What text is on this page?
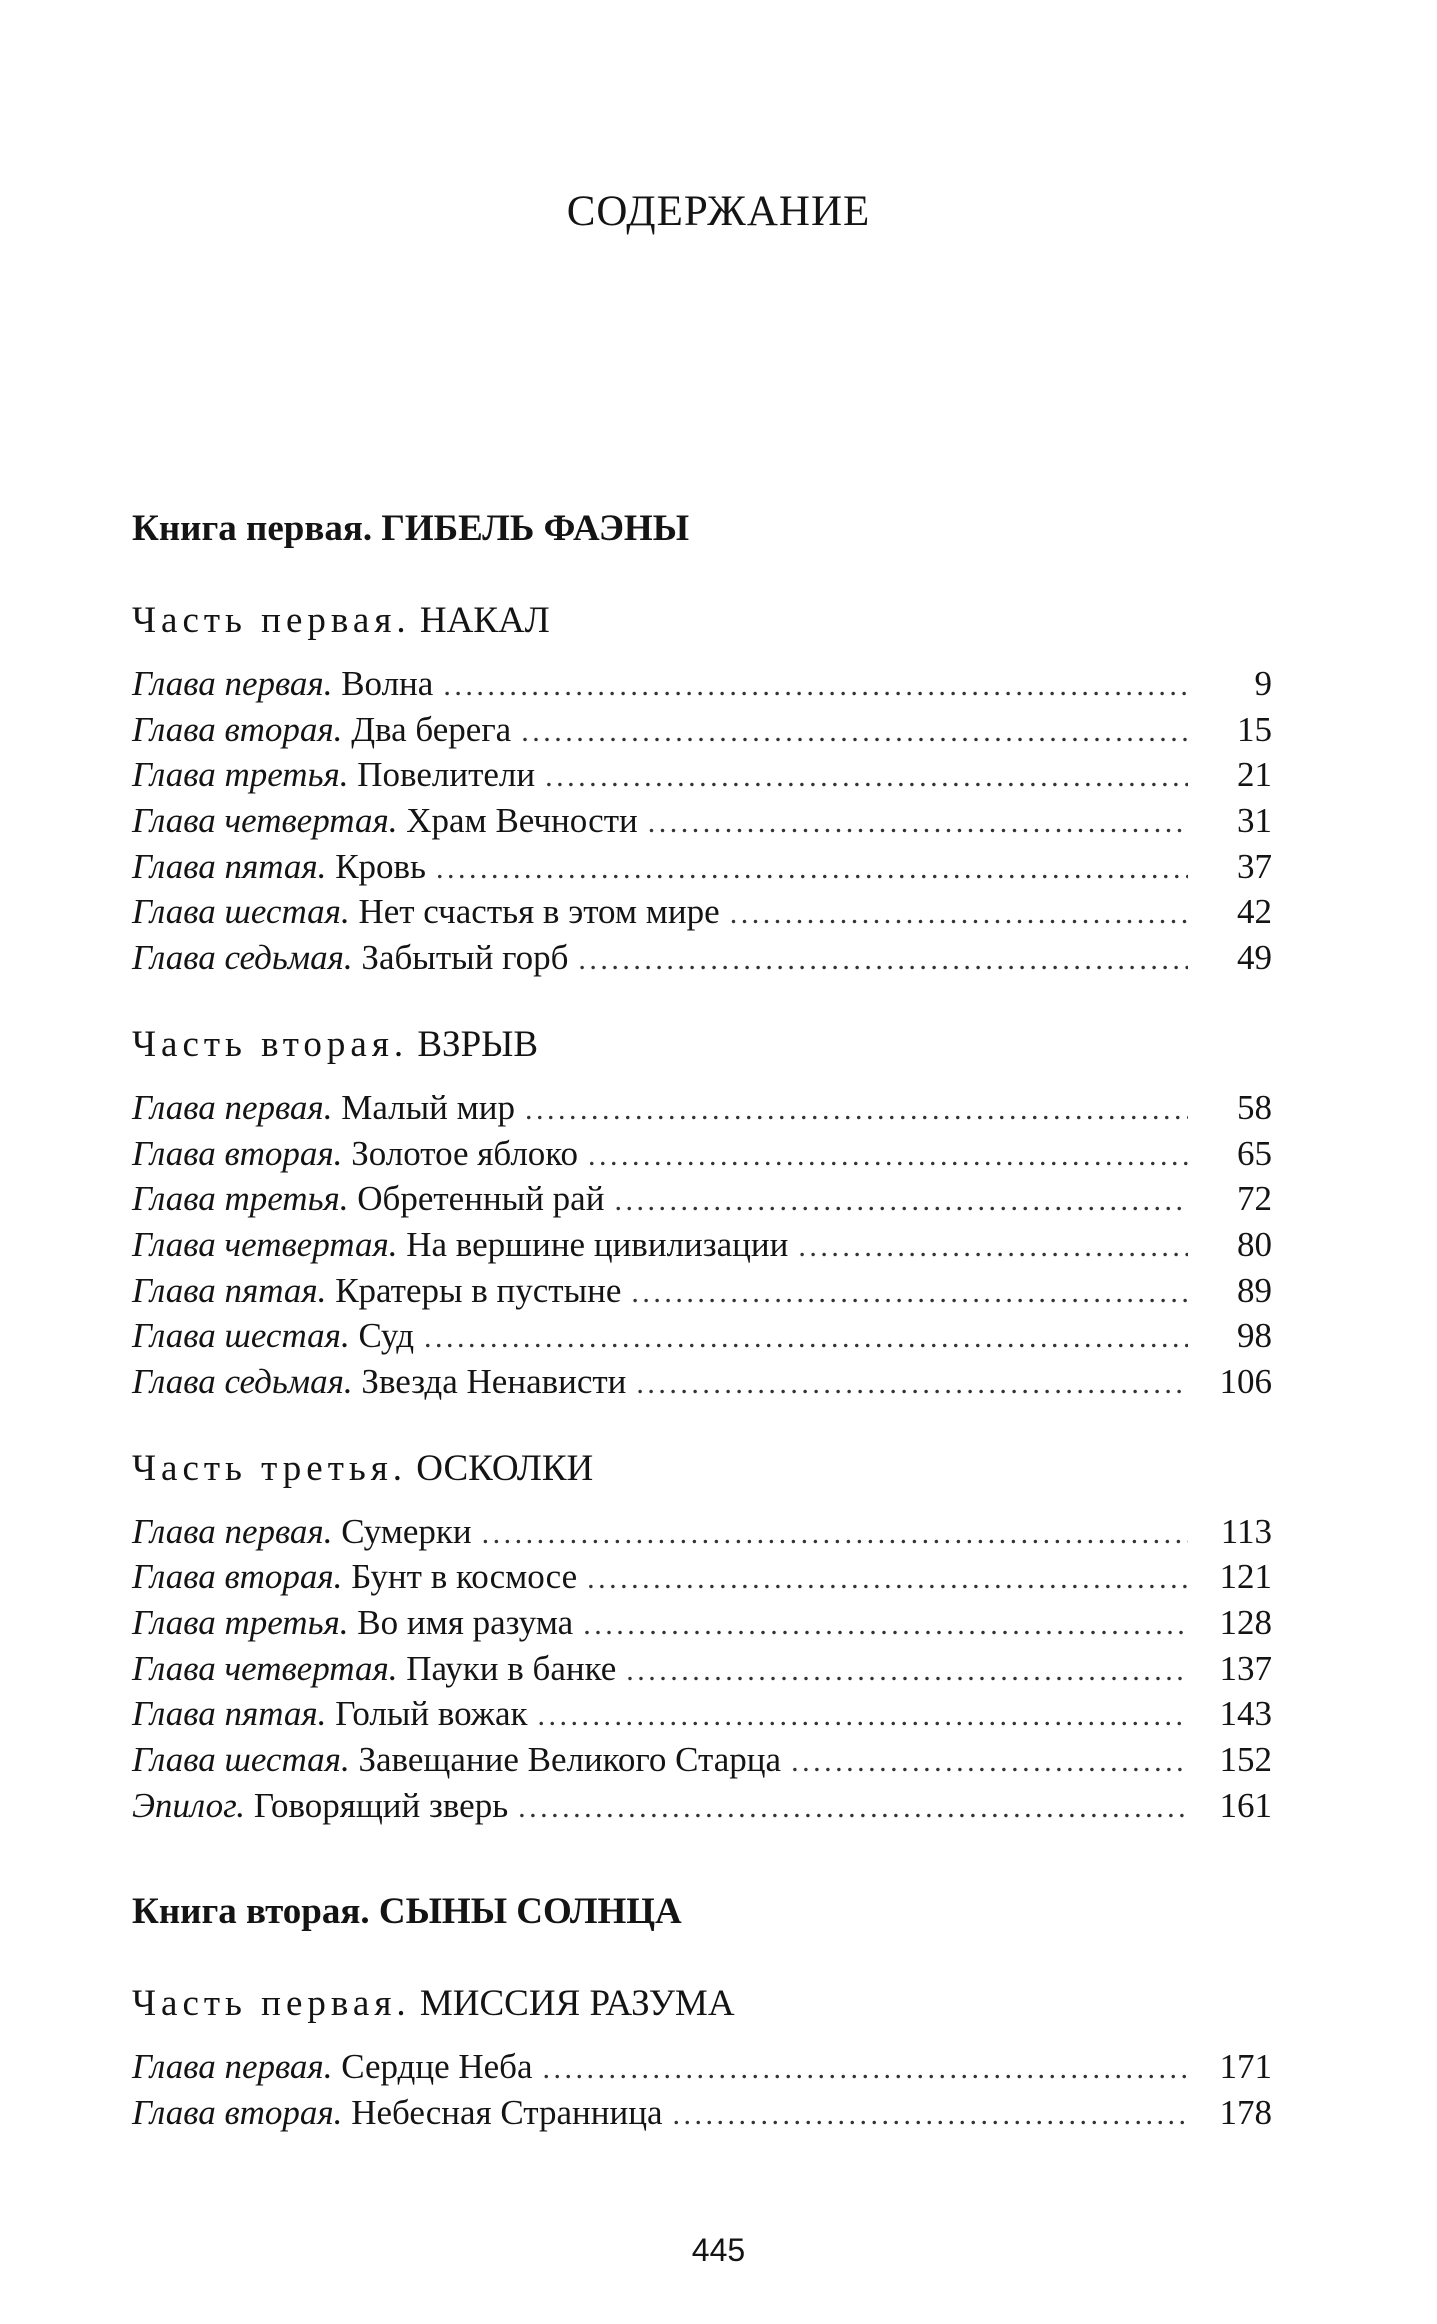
СОДЕРЖАНИЕ
Книга первая. ГИБЕЛЬ ФАЭНЫ
Часть первая. НАКАЛ
Глава первая. Волна . . .	9
Глава вторая. Два берега . . .	15
Глава третья. Повелители . . .	21
Глава четвертая. Храм Вечности . . .	31
Глава пятая. Кровь . . .	37
Глава шестая. Нет счастья в этом мире . . .	42
Глава седьмая. Забытый горб . . .	49
Часть вторая. ВЗРЫВ
Глава первая. Малый мир . . .	58
Глава вторая. Золотое яблоко . . .	65
Глава третья. Обретенный рай . . .	72
Глава четвертая. На вершине цивилизации . . .	80
Глава пятая. Кратеры в пустыне . . .	89
Глава шестая. Суд . . .	98
Глава седьмая. Звезда Ненависти . . .	106
Часть третья. ОСКОЛКИ
Глава первая. Сумерки . . .	113
Глава вторая. Бунт в космосе . . .	121
Глава третья. Во имя разума . . .	128
Глава четвертая. Пауки в банке . . .	137
Глава пятая. Голый вожак . . .	143
Глава шестая. Завещание Великого Старца . . .	152
Эпилог. Говорящий зверь . . .	161
Книга вторая. СЫНЫ СОЛНЦА
Часть первая. МИССИЯ РАЗУМА
Глава первая. Сердце Неба . . .	171
Глава вторая. Небесная Странница . . .	178
445
